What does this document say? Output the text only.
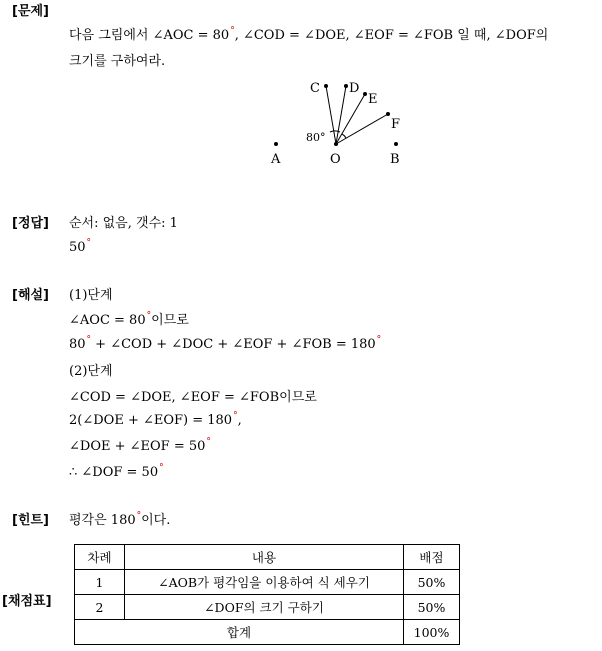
[문제]
[정답]
[해설]
[힌트]
[채점표]
다음 그림에서 ∠AOC = 80°, ∠COD = ∠DOE, ∠EOF = ∠FOB 일 때, ∠DOF의
크기를 구하여라.
A	O	B
C D
E
F
80°
순서: 없음, 갯수: 1
50°
(1)단계
∠AOC = 80°이므로
80° + ∠COD + ∠DOC + ∠EOF + ∠FOB = 180°
(2)단계
∠COD = ∠DOE, ∠EOF = ∠FOB이므로
2(∠DOE + ∠EOF) = 180°,
∠DOE + ∠EOF = 50°
∴ ∠DOF = 50°
평각은 180°이다.
차례	내용	배점
1	∠AOB가 평각임을 이용하여 식 세우기	50%
2	∠DOF의 크기 구하기	50%
합계		100%
